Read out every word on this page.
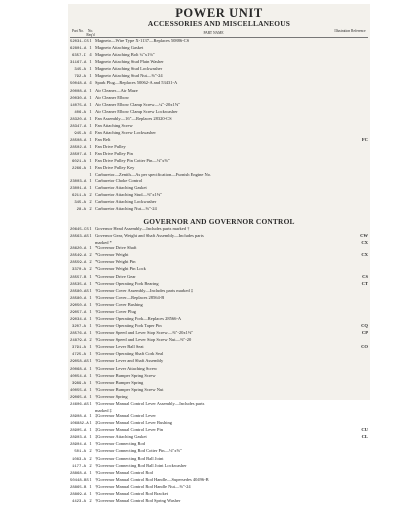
POWER UNIT
ACCESSORIES AND MISCELLANEOUS
Part No.	No. Req'd	PART NAME	Illustration Reference
52031-CS 1 Magneto—Wire Type X-1137—Replaces 50886-CS
62801-A 1 Magneto Attaching Gasket
6357-I 4 Magneto Attaching Bolt ¾"x1⅛"
31167-A 1 Magneto Attaching Stud Plain Washer
345-A 1 Magneto Attaching Stud Lockwasher
792-A 1 Magneto Attaching Stud Nut—⅜"-24
50048-A 4 Spark Plug—Replaces 50062-A and 53431-A
20008-A 1 Air Cleaner—Air Maze
20030-A 1 Air Cleaner Elbow
14075-A 1 Air Cleaner Elbow Clamp Screw—¼"-20x1⅝"
406-A 1 Air Cleaner Elbow Clamp Screw Lockwasher
28320-A 1 Fan Assembly—16"—Replaces 28320-CS
28347-A 1 Fan Attaching Screw
945-A 4 Fan Attaching Screw Lockwasher
28508-A 1 Fan Belt	FC
28502-A 1 Fan Drive Pulley
28507-A 1 Fan Drive Pulley Pin
6021-A 1 Fan Drive Pulley Pin Cotter Pin—⅛"x⅝"
2266-A 1 Fan Drive Pulley Key
1 Carburetor—Zenith—As per specification—Furnish Engine No.
23003-A 1 Carburetor Choke Control
23001-A 1 Carburetor Attaching Gasket
6211-A 2 Carburetor Attaching Stud—⅜"x1⅜"
345-A 2 Carburetor Attaching Lockwasher
28-A 2 Carburetor Attaching Nut—⅜"-24
GOVERNOR AND GOVERNOR CONTROL
20645-CS 1 Governor Head Assembly—Includes parts marked †
28563-AS 1 Governor Gear, Weight and Shaft Assembly—Includes parts	CW
marked *	CX
28620-A 1 *Governor Drive Shaft
28549-A 2 *Governor Weight	CX
28559-A 2 *Governor Weight Pin
3370-A 2 *Governor Weight Pin Lock
28557-B 1 *Governor Drive Gear	CS
28535-A 1 *Governor Operating Fork Bearing	CT
28580-AS 1 †Governor Cover Assembly—Includes parts marked ‡
28580-A 1 †Governor Cover—Replaces 28564-B
29050-A 1 †Governor Cover Bushing
29057-A 1 †Governor Cover Plug
29034-A 1 †Governor Operating Fork—Replaces 28566-A
3207-A 1 †Governor Operating Fork Taper Pin	CQ
28576-A 1 †Governor Speed and Lever Stop Screw—⅜"-20x1⅜"	CP
24879-A 2 †Governor Speed and Lever Stop Screw Nut—⅜"-20
3791-A 1 †Governor Lever Ball Seat	CO
4725-A 1 †Governor Operating Shaft Cork Seal
29058-AS 1 †Governor Lever and Shaft Assembly
20068-A 1 †Governor Lever Attaching Screw
40054-A 1 †Governor Bumper Spring Screw
3989-A 1 †Governor Bumper Spring
40055-A 1 †Governor Bumper Spring Screw Nut
29065-A 1 †Governor Spring
24606-AS 1 †Governor Manual Control Lever Assembly—Includes parts
marked ‡
28908-A 1 ‡Governor Manual Control Lever
106882-A 1 ‡Governor Manual Control Lever Bushing
28905-A 1 ‡Governor Manual Control Lever Pin	CU
28903-A 1 ‡Governor Attaching Gasket	CL
28904-A 1 †Governor Connecting Rod
501-A 2 †Governor Connecting Rod Cotter Pin—⅛"x⅝"
1083-A 2 †Governor Connecting Rod Ball Joint
1177-A 2 †Governor Connecting Rod Ball Joint Lockwasher
28868-A 1 †Governor Manual Control Rod
50448-BS 1 †Governor Manual Control Rod Handle—Supersedes 40496-B
28865-B 1 †Governor Manual Control Rod Handle Nut—⅜"-24
28869-A 1 †Governor Manual Control Rod Bracket
4423-A 2 †Governor Manual Control Rod Spring Washer
